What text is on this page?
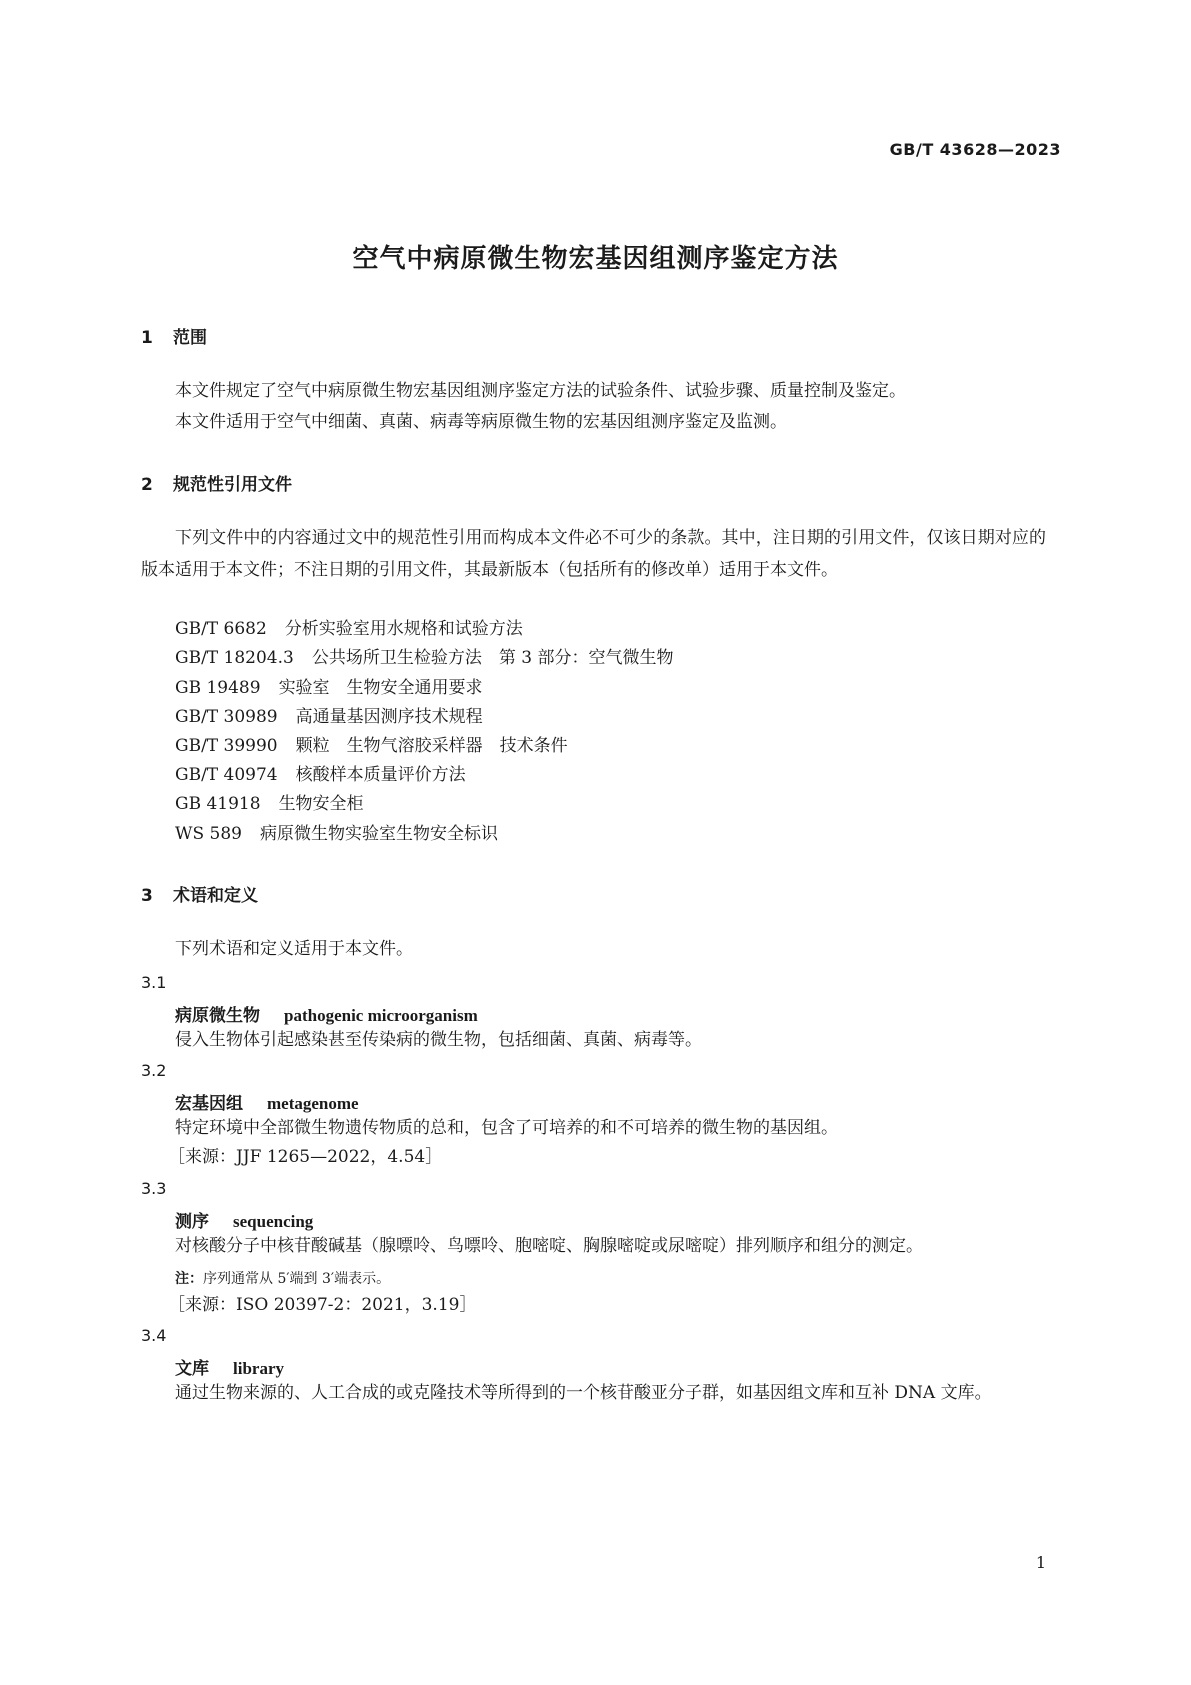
GB/T 43628—2023
空气中病原微生物宏基因组测序鉴定方法
1 范围
本文件规定了空气中病原微生物宏基因组测序鉴定方法的试验条件、试验步骤、质量控制及鉴定。
本文件适用于空气中细菌、真菌、病毒等病原微生物的宏基因组测序鉴定及监测。
2 规范性引用文件
下列文件中的内容通过文中的规范性引用而构成本文件必不可少的条款。其中，注日期的引用文件，仅该日期对应的版本适用于本文件；不注日期的引用文件，其最新版本（包括所有的修改单）适用于本文件。
GB/T 6682 分析实验室用水规格和试验方法
GB/T 18204.3 公共场所卫生检验方法　第 3 部分：空气微生物
GB 19489 实验室　生物安全通用要求
GB/T 30989 高通量基因测序技术规程
GB/T 39990 颗粒　生物气溶胶采样器　技术条件
GB/T 40974 核酸样本质量评价方法
GB 41918 生物安全柜
WS 589 病原微生物实验室生物安全标识
3 术语和定义
下列术语和定义适用于本文件。
3.1
病原微生物 pathogenic microorganism
侵入生物体引起感染甚至传染病的微生物，包括细菌、真菌、病毒等。
3.2
宏基因组 metagenome
特定环境中全部微生物遗传物质的总和，包含了可培养的和不可培养的微生物的基因组。
［来源：JJF 1265—2022，4.54］
3.3
测序 sequencing
对核酸分子中核苷酸碱基（腺嘌呤、鸟嘌呤、胞嘧啶、胸腺嘧啶或尿嘧啶）排列顺序和组分的测定。
注：序列通常从 5′端到 3′端表示。
［来源：ISO 20397-2：2021，3.19］
3.4
文库 library
通过生物来源的、人工合成的或克隆技术等所得到的一个核苷酸亚分子群，如基因组文库和互补 DNA 文库。
1
